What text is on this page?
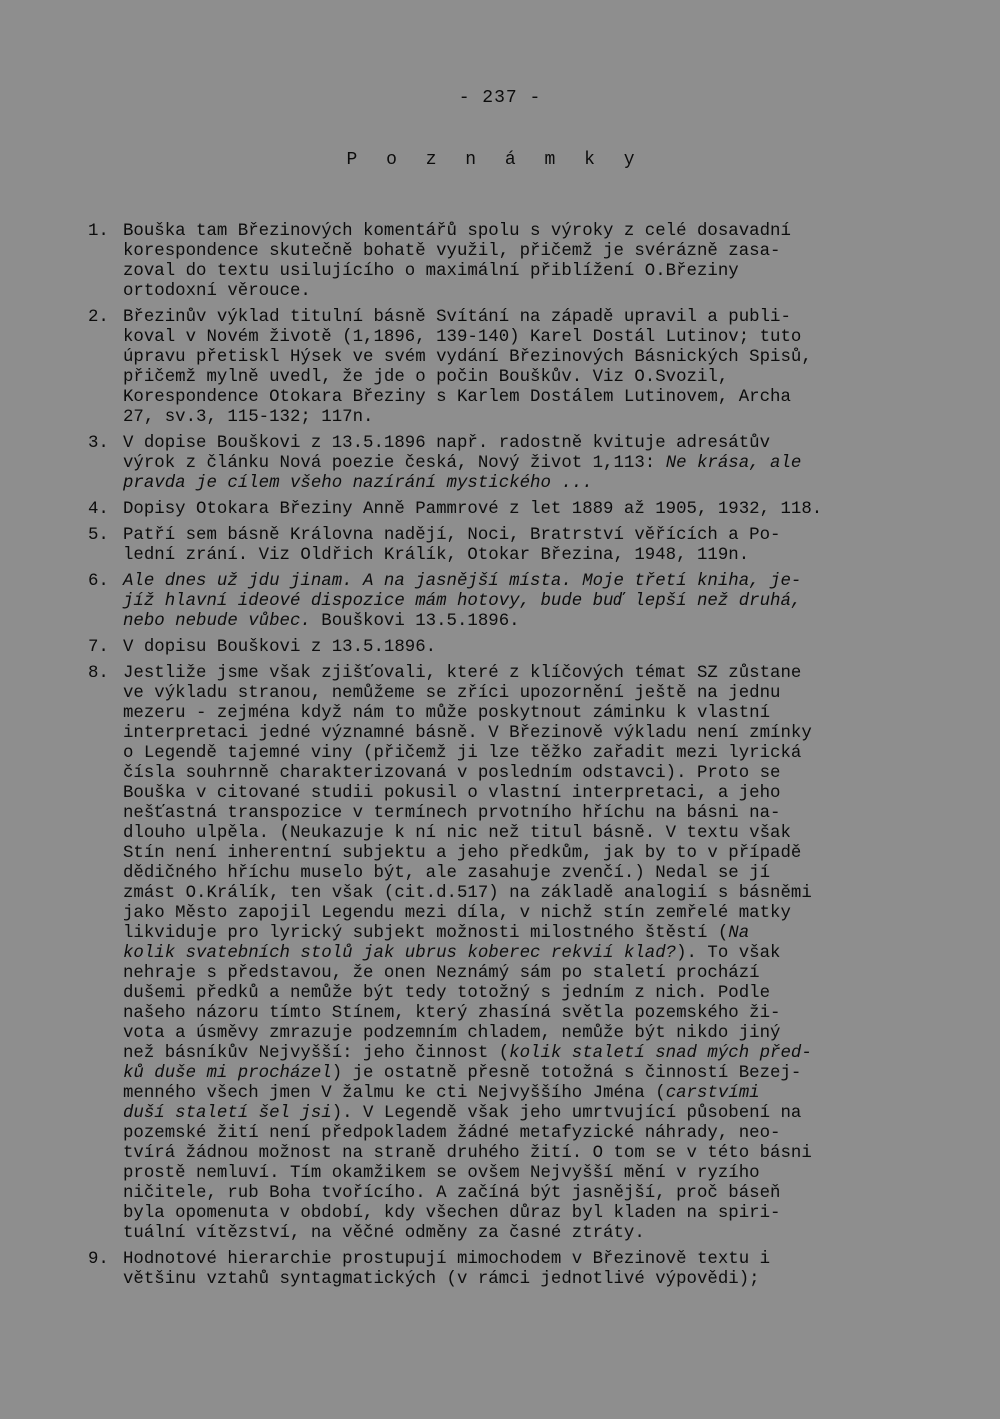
- 237 -
P o z n á m k y
1. Bouška tam Březinových komentářů spolu s výroky z celé dosavadní
korespondence skutečně bohatě využil, přičemž je svérázně zasa-
zoval do textu usilujícího o maximální přiblížení O.Březiny
ortodoxní věrouce.
2. Březinův výklad titulní básně Svítání na západě upravil a publi-
koval v Novém životě (1,1896, 139-140) Karel Dostál Lutinov; tuto
úpravu přetiskl Hýsek ve svém vydání Březinových Básnických Spisů,
přičemž mylně uvedl, že jde o počin Bouškův. Viz O.Svozil,
Korespondence Otokara Březiny s Karlem Dostálem Lutinovem, Archa
27, sv.3, 115-132; 117n.
3. V dopise Bouškovi z 13.5.1896 např. radostně kvituje adresátův
výrok z článku Nová poezie česká, Nový život 1,113: Ne krása, ale
pravda je cílem všeho nazírání mystického ...
4. Dopisy Otokara Březiny Anně Pammrové z let 1889 až 1905, 1932, 118.
5. Patří sem básně Královna nadějí, Noci, Bratrství věřících a Po-
lední zrání. Viz Oldřich Králík, Otokar Březina, 1948, 119n.
6. Ale dnes už jdu jinam. A na jasnější místa. Moje třetí kniha, je-
jíž hlavní ideové dispozice mám hotovy, bude buď lepší než druhá,
nebo nebude vůbec. Bouškovi 13.5.1896.
7. V dopisu Bouškovi z 13.5.1896.
8. Jestliže jsme však zjišťovali, které z klíčových témat SZ zůstane
ve výkladu stranou, nemůžeme se zříci upozornění ještě na jednu
mezeru - zejména když nám to může poskytnout záminku k vlastní
interpretaci jedné významné básně. V Březinově výkladu není zmínky
o Legendě tajemné viny (přičemž ji lze těžko zařadit mezi lyrická
čísla souhrnně charakterizovaná v posledním odstavci). Proto se
Bouška v citované studii pokusil o vlastní interpretaci, a jeho
nešťastná transpozice v termínech prvotního hříchu na básni na-
dlouho ulpěla. (Neukazuje k ní nic než titul básně. V textu však
Stín není inherentní subjektu a jeho předkům, jak by to v případě
dědičného hříchu muselo být, ale zasahuje zvenčí.) Nedal se jí
zmást O.Králík, ten však (cit.d.517) na základě analogií s básněmi
jako Město zapojil Legendu mezi díla, v nichž stín zemřelé matky
likviduje pro lyrický subjekt možnosti milostného štěstí (Na
kolik svatebních stolů jak ubrus koberec rekvií klad?). To však
nehraje s představou, že onen Neznámý sám po staletí prochází
dušemi předků a nemůže být tedy totožný s jedním z nich. Podle
našeho názoru tímto Stínem, který zhasíná světla pozemského ži-
vota a úsměvy zmrazuje podzemním chladem, nemůže být nikdo jiný
než básníkův Nejvyšší: jeho činnost (kolik staletí snad mých před-
ků duše mi procházel) je ostatně přesně totožná s činností Bezej-
menného všech jmen V žalmu ke cti Nejvyššího Jména (carstvími
duší staletí šel jsi). V Legendě však jeho umrtvující působení na
pozemské žití není předpokladem žádné metafyzické náhrady, neo-
tvírá žádnou možnost na straně druhého žití. O tom se v této básni
prostě nemluví. Tím okamžikem se ovšem Nejvyšší mění v ryzího
ničitele, rub Boha tvořícího. A začíná být jasnější, proč báseň
byla opomenuta v období, kdy všechen důraz byl kladen na spiri-
tuální vítězství, na věčné odměny za časné ztráty.
9. Hodnotové hierarchie prostupují mimochodem v Březinově textu i
většinu vztahů syntagmatických (v rámci jednotlivé výpovědi);
